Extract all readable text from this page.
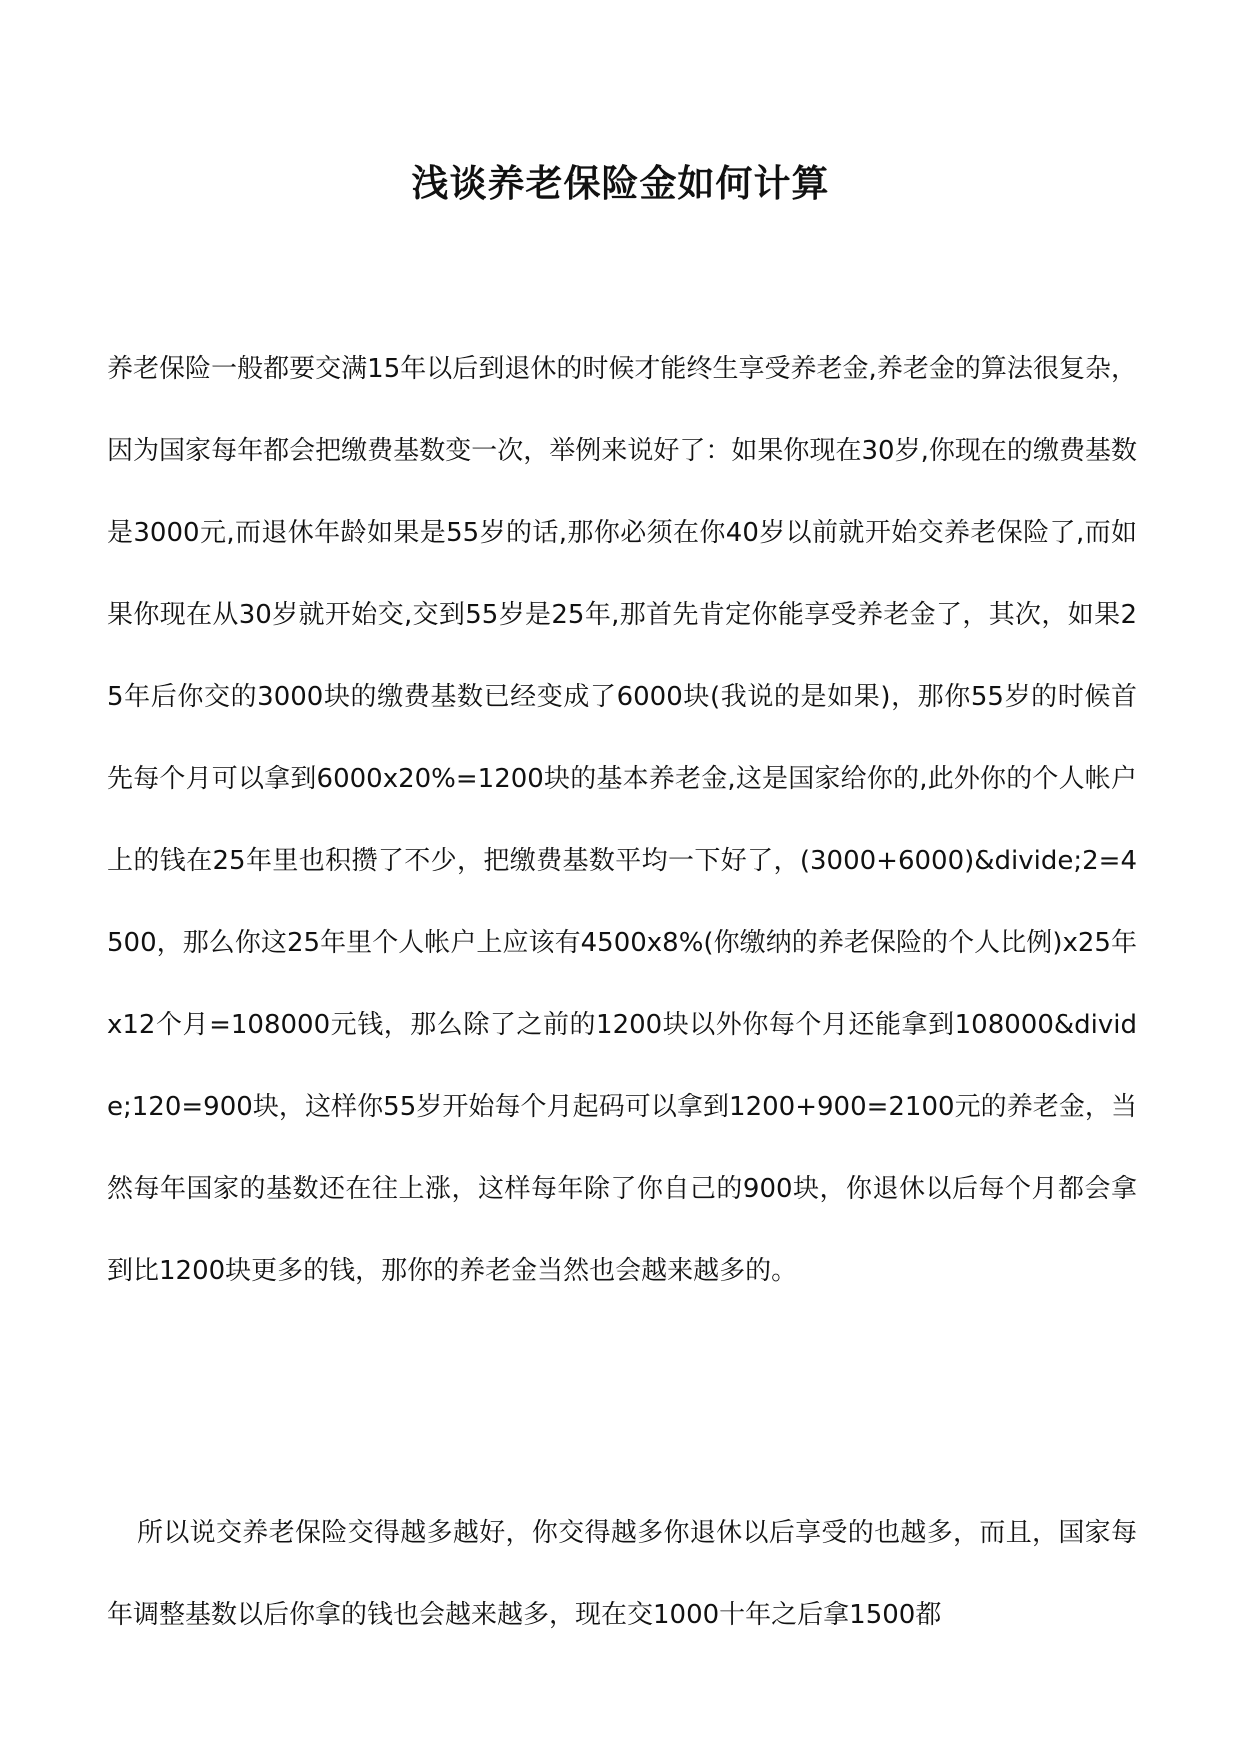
浅谈养老保险金如何计算

养老保险一般都要交满15年以后到退休的时候才能终生享受养老金,养老金的算法很复杂，因为国家每年都会把缴费基数变一次，举例来说好了：如果你现在30岁,你现在的缴费基数是3000元,而退休年龄如果是55岁的话,那你必须在你40岁以前就开始交养老保险了,而如果你现在从30岁就开始交,交到55岁是25年,那首先肯定你能享受养老金了，其次，如果25年后你交的3000块的缴费基数已经变成了6000块(我说的是如果)，那你55岁的时候首先每个月可以拿到6000x20%=1200块的基本养老金,这是国家给你的,此外你的个人帐户上的钱在25年里也积攒了不少，把缴费基数平均一下好了，(3000+6000)&divide;2=4500，那么你这25年里个人帐户上应该有4500x8%(你缴纳的养老保险的个人比例)x25年x12个月=108000元钱，那么除了之前的1200块以外你每个月还能拿到108000&divide;120=900块，这样你55岁开始每个月起码可以拿到1200+900=2100元的养老金，当然每年国家的基数还在往上涨，这样每年除了你自己的900块，你退休以后每个月都会拿到比1200块更多的钱，那你的养老金当然也会越来越多的。

所以说交养老保险交得越多越好，你交得越多你退休以后享受的也越多，而且，国家每年调整基数以后你拿的钱也会越来越多，现在交1000十年之后拿1500都
